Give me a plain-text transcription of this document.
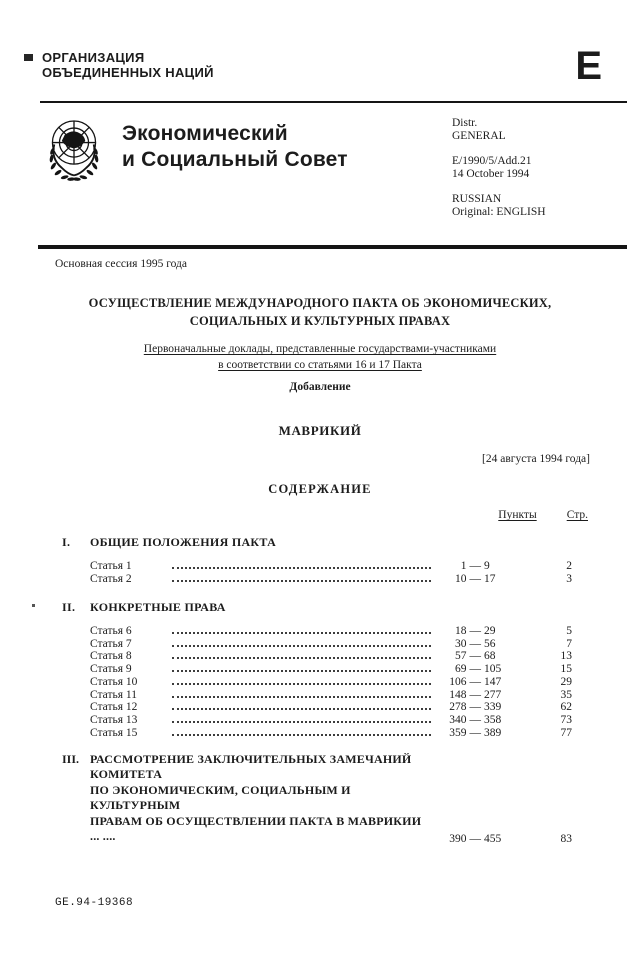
ОРГАНИЗАЦИЯ
ОБЪЕДИНЕННЫХ НАЦИЙ	E
Экономический
и Социальный Совет
Distr.
GENERAL
E/1990/5/Add.21
14 October 1994
RUSSIAN
Original: ENGLISH
Основная сессия 1995 года
ОСУЩЕСТВЛЕНИЕ МЕЖДУНАРОДНОГО ПАКТА ОБ ЭКОНОМИЧЕСКИХ,
СОЦИАЛЬНЫХ И КУЛЬТУРНЫХ ПРАВАХ
Первоначальные доклады, представленные государствами-участниками
в соответствии со статьями 16 и 17 Пакта
Добавление
МАВРИКИЙ
[24 августа 1994 года]
СОДЕРЖАНИЕ
Пункты	Стр.
I.	ОБЩИЕ ПОЛОЖЕНИЯ ПАКТА
Статья 1	1 — 9	2
Статья 2	10 — 17	3
II.	КОНКРЕТНЫЕ ПРАВА
Статья 6	18 — 29	5
Статья 7	30 — 56	7
Статья 8	57 — 68	13
Статья 9	69 — 105	15
Статья 10	106 — 147	29
Статья 11	148 — 277	35
Статья 12	278 — 339	62
Статья 13	340 — 358	73
Статья 15	359 — 389	77
III. РАССМОТРЕНИЕ ЗАКЛЮЧИТЕЛЬНЫХ ЗАМЕЧАНИЙ КОМИТЕТА
ПО ЭКОНОМИЧЕСКИМ, СОЦИАЛЬНЫМ И КУЛЬТУРНЫМ
ПРАВАМ ОБ ОСУЩЕСТВЛЕНИИ ПАКТА В МАВРИКИИ ... ....	390 — 455	83
GE.94-19368
